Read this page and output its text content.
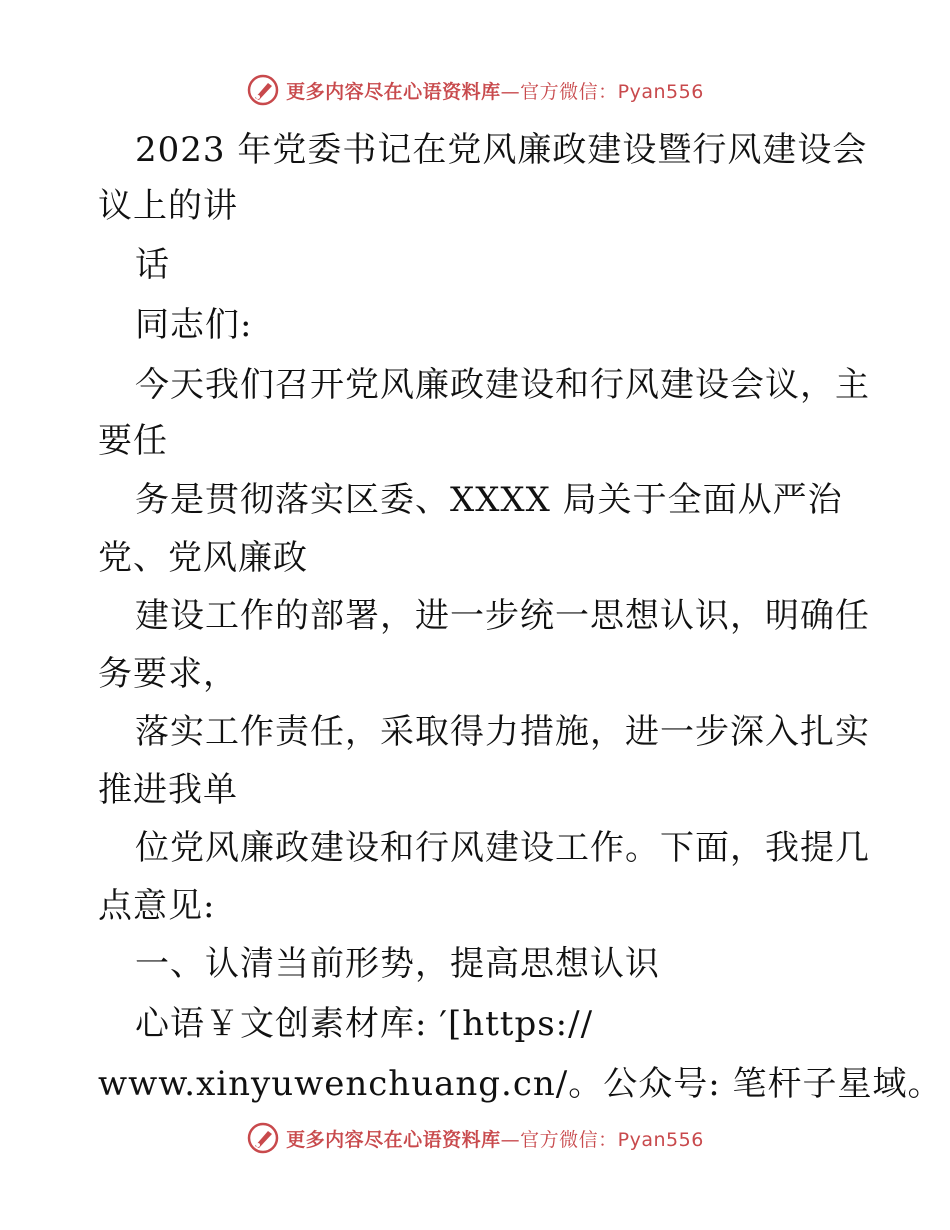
更多内容尽在心语资料库—官方微信：Pyan556
2023 年党委书记在党风廉政建设暨行风建设会
议上的讲
话
同志们:
今天我们召开党风廉政建设和行风建设会议，主
要任
务是贯彻落实区委、XXXX 局关于全面从严治
党、党风廉政
建设工作的部署，进一步统一思想认识，明确任
务要求，
落实工作责任，采取得力措施，进一步深入扎实
推进我单
位党风廉政建设和行风建设工作。下面，我提几
点意见:
一、认清当前形势，提高思想认识
心语￥文创素材库: ′[https://
www.xinyuwenchuang.cn/。公众号: 笔杆子星域。
更多内容尽在心语资料库—官方微信：Pyan556
